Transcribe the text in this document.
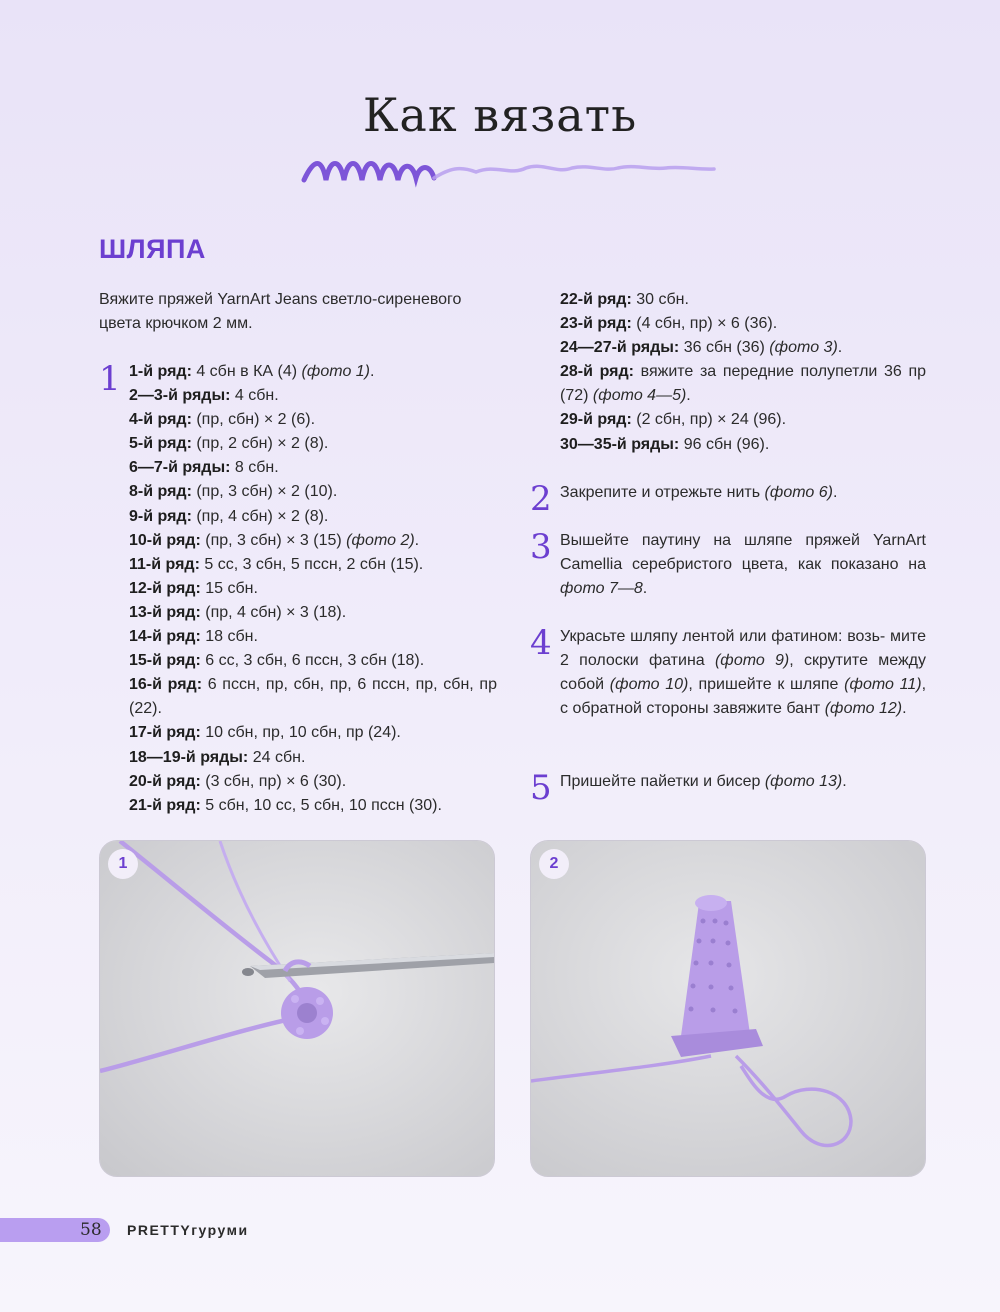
Как вязать
ШЛЯПА
Вяжите пряжей YarnArt Jeans светло-сиреневого цвета крючком 2 мм.
1 1-й ряд: 4 сбн в КА (4) (фото 1).

2—3-й ряды: 4 сбн.

4-й ряд: (пр, сбн) × 2 (6).

5-й ряд: (пр, 2 сбн) × 2 (8).

6—7-й ряды: 8 сбн.

8-й ряд: (пр, 3 сбн) × 2 (10).

9-й ряд: (пр, 4 сбн) × 2 (8).

10-й ряд: (пр, 3 сбн) × 3 (15) (фото 2).

11-й ряд: 5 сс, 3 сбн, 5 пссн, 2 сбн (15).

12-й ряд: 15 сбн.

13-й ряд: (пр, 4 сбн) × 3 (18).

14-й ряд: 18 сбн.

15-й ряд: 6 сс, 3 сбн, 6 пссн, 3 сбн (18).

16-й ряд: 6 пссн, пр, сбн, пр, 6 пссн, пр, сбн, пр (22).

17-й ряд: 10 сбн, пр, 10 сбн, пр (24).

18—19-й ряды: 24 сбн.

20-й ряд: (3 сбн, пр) × 6 (30).

21-й ряд: 5 сбн, 10 сс, 5 сбн, 10 пссн (30).

22-й ряд: 30 сбн.

23-й ряд: (4 сбн, пр) × 6 (36).

24—27-й ряды: 36 сбн (36) (фото 3).

28-й ряд: вяжите за передние полупетли 36 пр (72) (фото 4—5).

29-й ряд: (2 сбн, пр) × 24 (96).

30—35-й ряды: 96 сбн (96).

2 Закрепите и отрежьте нить (фото 6).
3 Вышейте паутину на шляпе пряжей YarnArt Camellia серебристого цвета, как показано на фото 7—8.
4 Украсьте шляпу лентой или фатином: возь- мите 2 полоски фатина (фото 9), скрутите между собой (фото 10), пришейте к шляпе (фото 11), с обратной стороны завяжите бант (фото 12).
5 Пришейте пайетки и бисер (фото 13).
1	2
58 PRETTYгуруми
